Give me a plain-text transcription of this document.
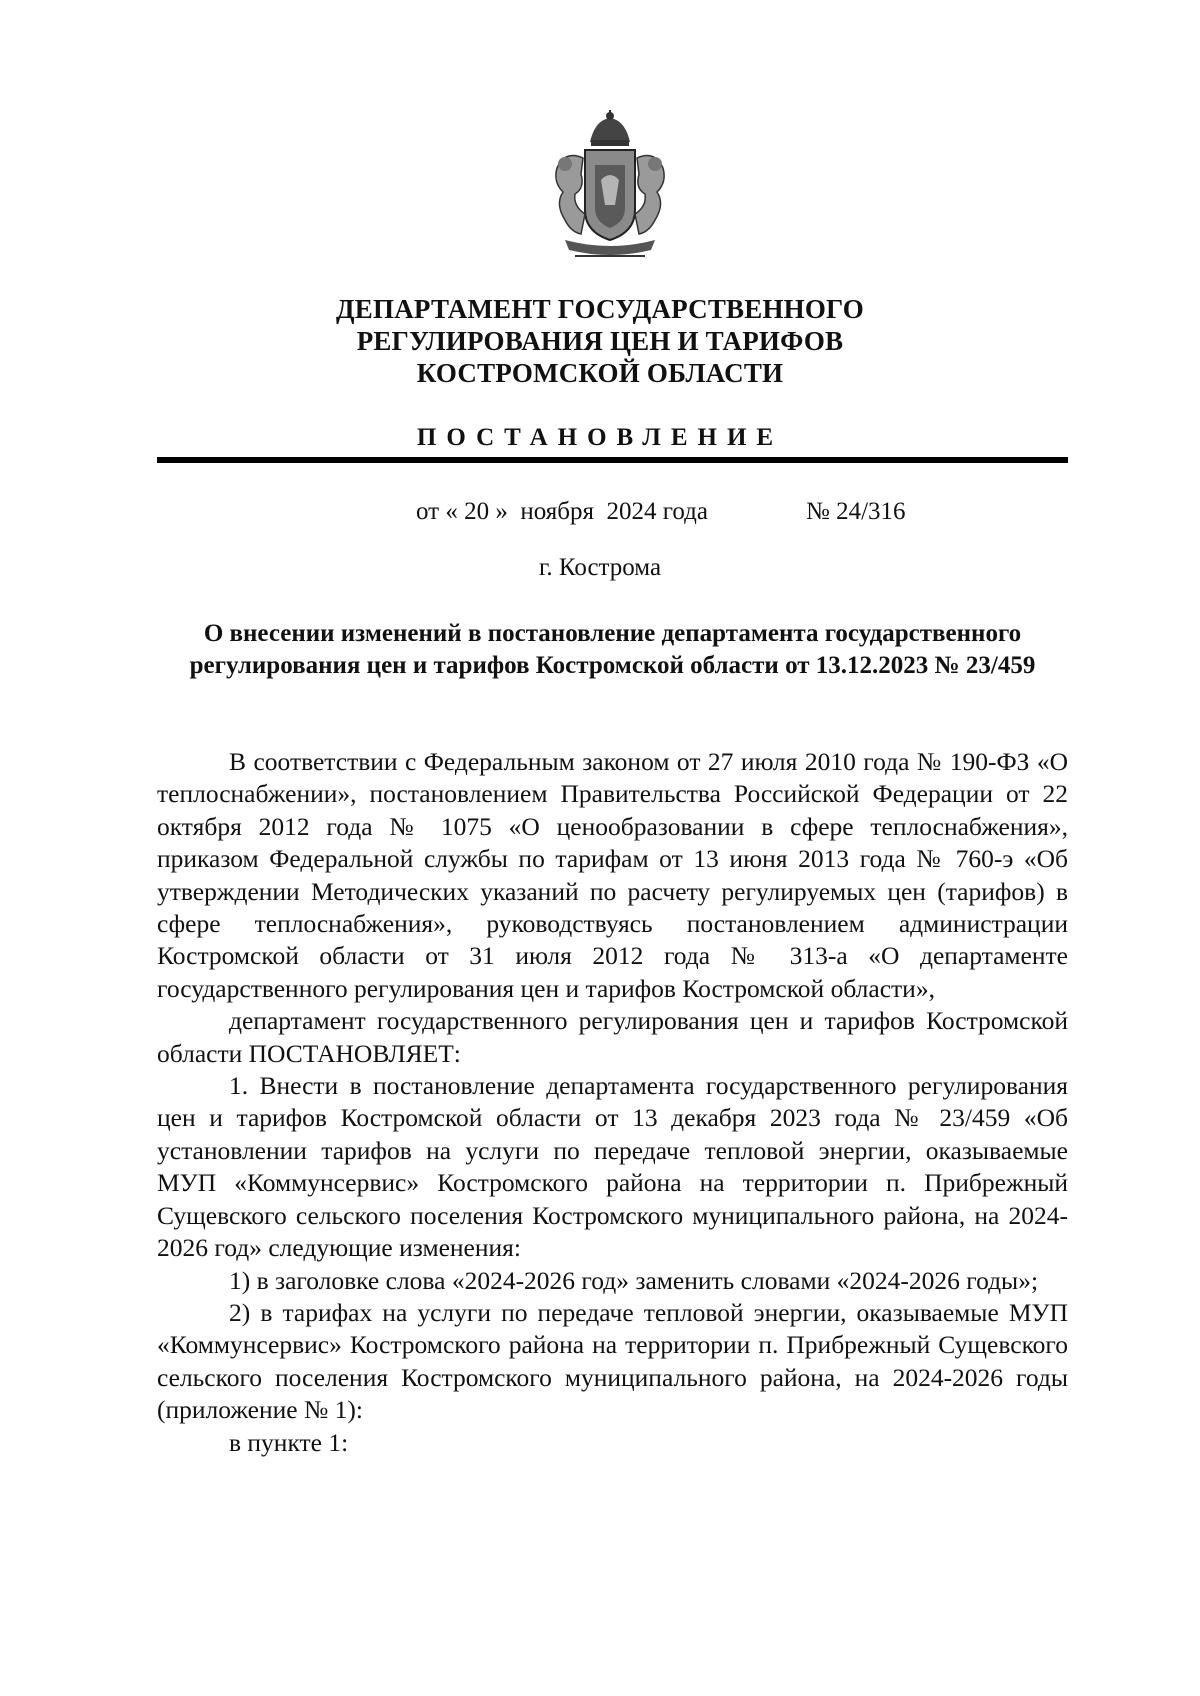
ДЕПАРТАМЕНТ ГОСУДАРСТВЕННОГО
РЕГУЛИРОВАНИЯ ЦЕН И ТАРИФОВ
КОСТРОМСКОЙ ОБЛАСТИ
ПОСТАНОВЛЕНИЕ
от « 20 »  ноября  2024 года	№ 24/316
г. Кострома
О внесении изменений в постановление департамента государственного
регулирования цен и тарифов Костромской области от 13.12.2023 № 23/459

В соответствии с Федеральным законом от 27 июля 2010 года № 190-ФЗ «О теплоснабжении», постановлением Правительства Российской Федерации от 22 октября 2012 года № 1075 «О ценообразовании в сфере теплоснабжения», приказом Федеральной службы по тарифам от 13 июня 2013 года № 760-э «Об утверждении Методических указаний по расчету регулируемых цен (тарифов) в сфере теплоснабжения», руководствуясь постановлением администрации Костромской области от 31 июля 2012 года № 313-а «О департаменте государственного регулирования цен и тарифов Костромской области»,

департамент государственного регулирования цен и тарифов Костромской области ПОСТАНОВЛЯЕТ:

1. Внести в постановление департамента государственного регулирования цен и тарифов Костромской области от 13 декабря 2023 года № 23/459 «Об установлении тарифов на услуги по передаче тепловой энергии, оказываемые МУП «Коммунсервис» Костромского района на территории п. Прибрежный Сущевского сельского поселения Костромского муниципального района, на 2024-2026 год» следующие изменения:

1) в заголовке слова «2024-2026 год» заменить словами «2024-2026 годы»;

2) в тарифах на услуги по передаче тепловой энергии, оказываемые МУП «Коммунсервис» Костромского района на территории п. Прибрежный Сущевского сельского поселения Костромского муниципального района, на 2024-2026 годы (приложение № 1):

в пункте 1:
